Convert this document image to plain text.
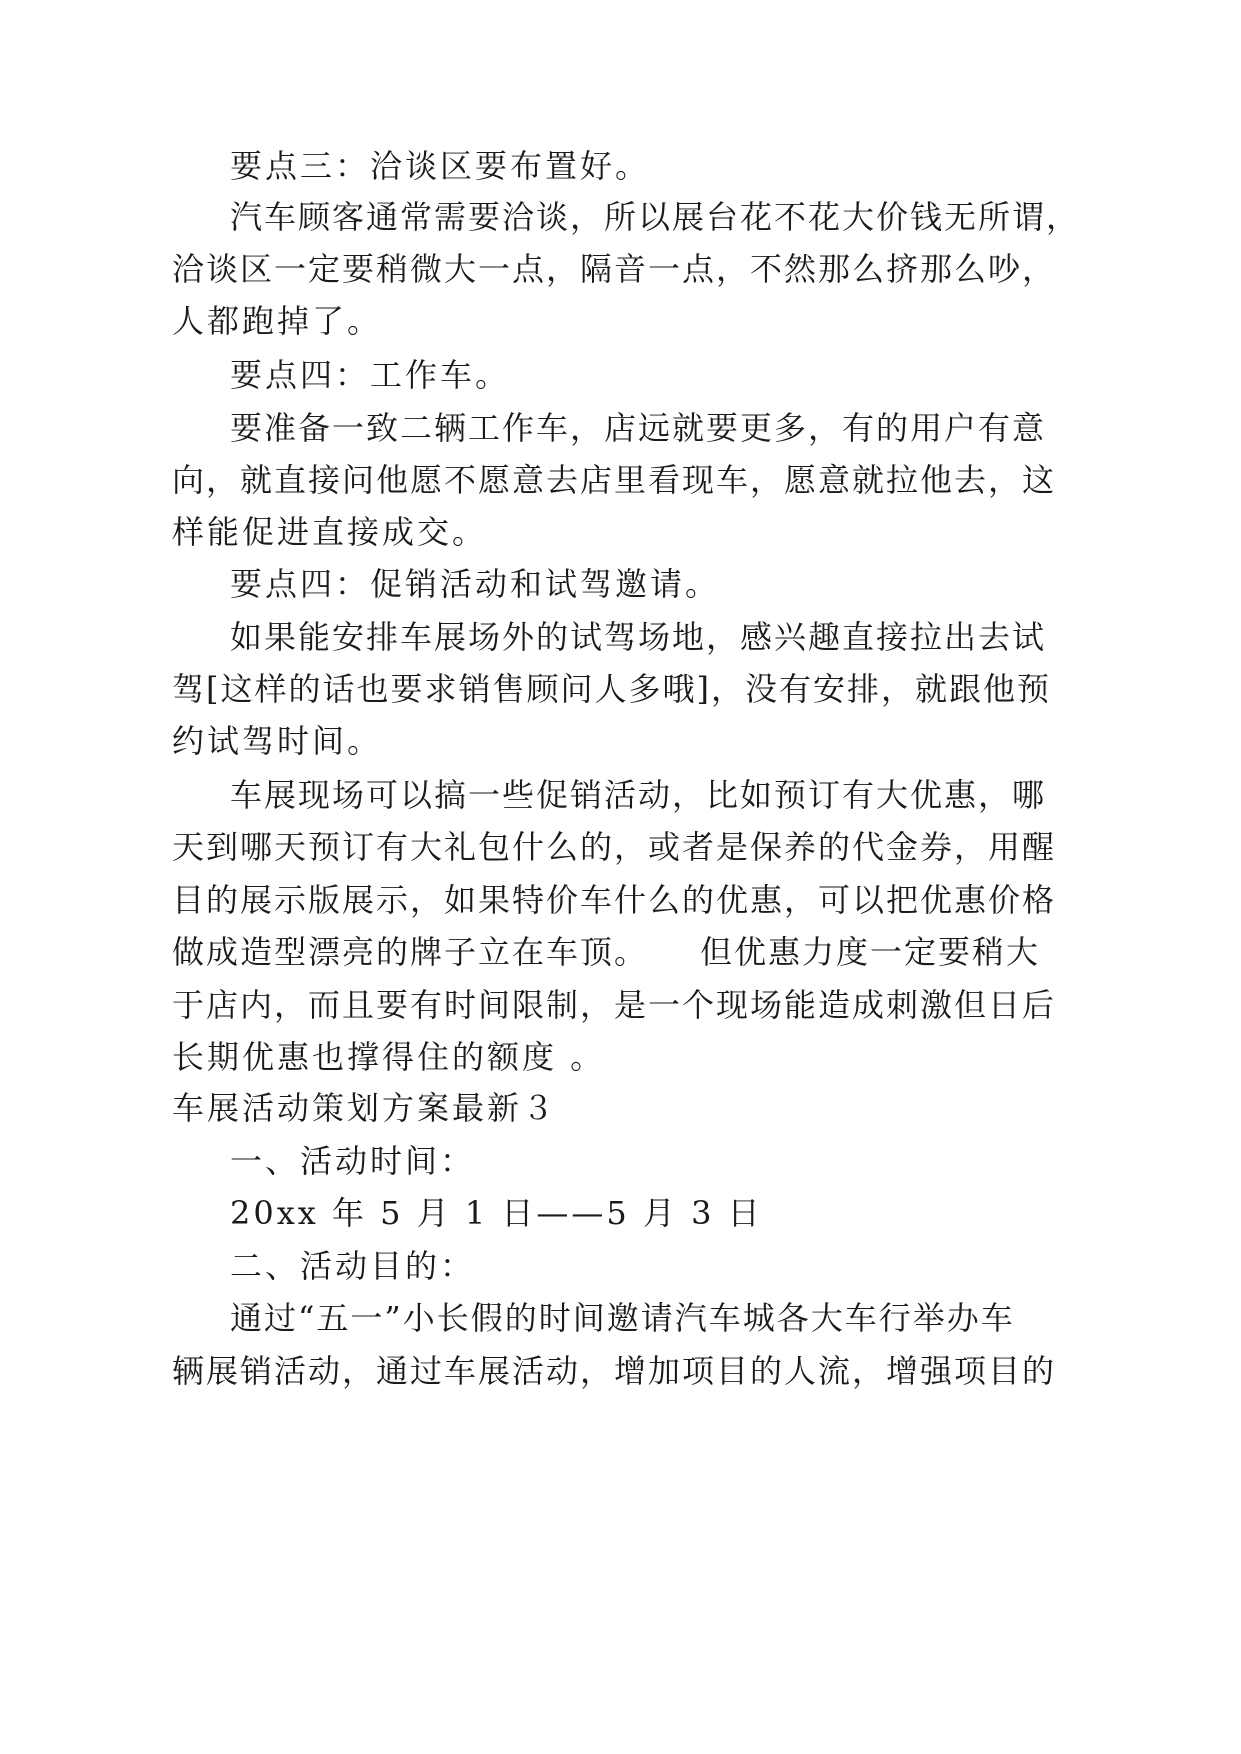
要点三：洽谈区要布置好。
汽车顾客通常需要洽谈，所以展台花不花大价钱无所谓，
洽谈区一定要稍微大一点，隔音一点，不然那么挤那么吵，
人都跑掉了。
要点四：工作车。
要准备一致二辆工作车，店远就要更多，有的用户有意
向，就直接问他愿不愿意去店里看现车，愿意就拉他去，这
样能促进直接成交。
要点四：促销活动和试驾邀请。
如果能安排车展场外的试驾场地，感兴趣直接拉出去试
驾[这样的话也要求销售顾问人多哦]，没有安排，就跟他预
约试驾时间。
车展现场可以搞一些促销活动，比如预订有大优惠，哪
天到哪天预订有大礼包什么的，或者是保养的代金券，用醒
目的展示版展示，如果特价车什么的优惠，可以把优惠价格
做成造型漂亮的牌子立在车顶。　　但优惠力度一定要稍大
于店内，而且要有时间限制，是一个现场能造成刺激但日后
长期优惠也撑得住的额度 。
车展活动策划方案最新３
一、活动时间：
20xx 年 5 月 1 日——5 月 3 日
二、活动目的：
通过“五一”小长假的时间邀请汽车城各大车行举办车
辆展销活动，通过车展活动，增加项目的人流，增强项目的
